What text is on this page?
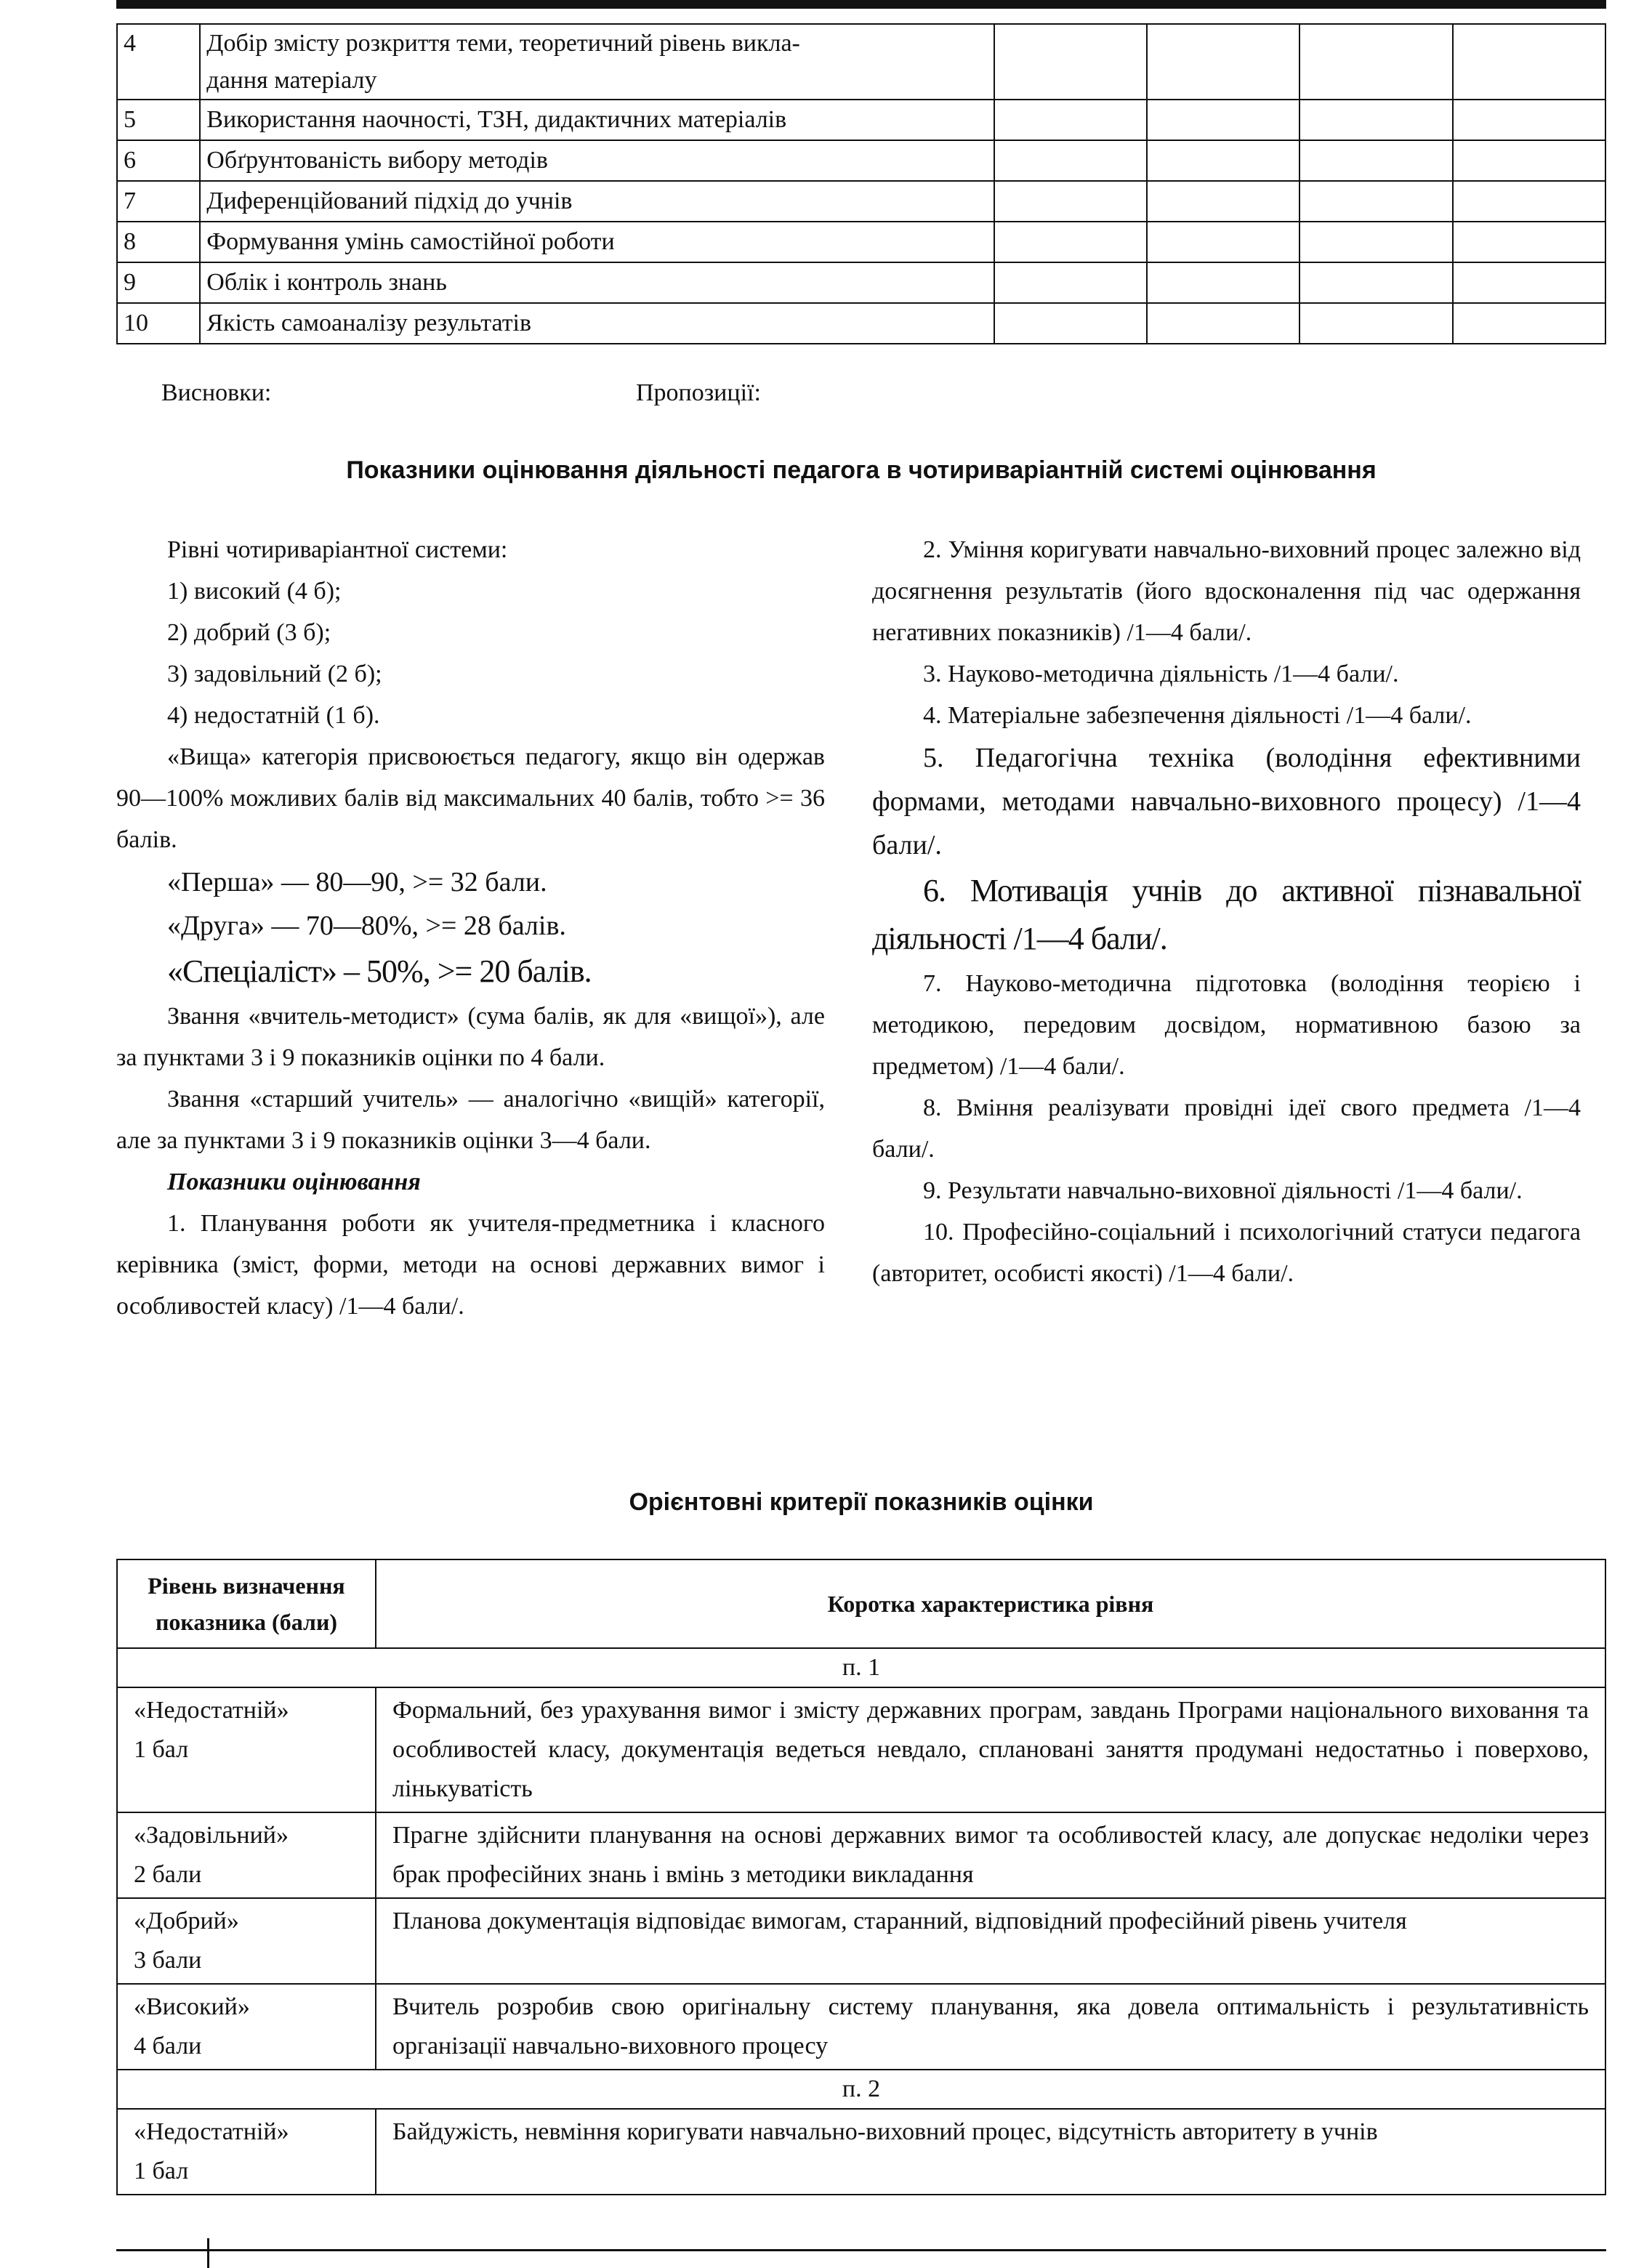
4	Добір змісту розкриття теми, теоретичний рівень викла-
дання матеріалу				
5	Використання наочності, ТЗН, дидактичних матеріалів				
6	Обґрунтованість вибору методів				
7	Диференційований підхід до учнів				
8	Формування умінь самостійної роботи				
9	Облік і контроль знань				
10	Якість самоаналізу результатів				
Висновки:	Пропозиції:
Показники оцінювання діяльності педагога в чотириваріантній системі оцінювання

Рівні чотириваріантної системи:

1) високий (4 б);

2) добрий (3 б);

3) задовільний (2 б);

4) недостатній (1 б).

«Вища» категорія присвоюється педагогу, якщо він одержав 90—100% можливих балів від максимальних 40 балів, тобто >= 36 балів.

«Перша» — 80—90, >= 32 бали.

«Друга» — 70—80%, >= 28 балів.

«Спеціаліст» – 50%, >= 20 балів.

Звання «вчитель-методист» (сума балів, як для «вищої»), але за пунктами 3 і 9 показників оцінки по 4 бали.

Звання «старший учитель» — аналогічно «вищій» категорії, але за пунктами 3 і 9 показників оцінки 3—4 бали.

Показники оцінювання

1. Планування роботи як учителя-предметника і класного керівника (зміст, форми, методи на основі державних вимог і особливостей класу) /1—4 бали/.

2. Уміння коригувати навчально-виховний процес залежно від досягнення результатів (його вдосконалення під час одержання негативних показників) /1—4 бали/.

3. Науково-методична діяльність /1—4 бали/.

4. Матеріальне забезпечення діяльності /1—4 бали/.

5. Педагогічна техніка (володіння ефективними формами, методами навчально-виховного процесу) /1—4 бали/.

6. Мотивація учнів до активної пізнавальної діяльності /1—4 бали/.

7. Науково-методична підготовка (володіння теорією і методикою, передовим досвідом, нормативною базою за предметом) /1—4 бали/.

8. Вміння реалізувати провідні ідеї свого предмета /1—4 бали/.

9. Результати навчально-виховної діяльності /1—4 бали/.

10. Професійно-соціальний і психологічний статуси педагога (авторитет, особисті якості) /1—4 бали/.

Орієнтовні критерії показників оцінки
Рівень визначення показника (бали)	Коротка характеристика рівня
п. 1	
«Недостатній»
1 бал	Формальний, без урахування вимог і змісту державних програм, завдань Програми національного виховання та особливостей класу, документація ведеться невдало, сплановані заняття продумані недостатньо і поверхово, лінькуватість
«Задовільний»
2 бали	Прагне здійснити планування на основі державних вимог та особливостей класу, але допускає недоліки через брак професійних знань і вмінь з методики викладання
«Добрий»
3 бали	Планова документація відповідає вимогам, старанний, відповідний професійний рівень учителя
«Високий»
4 бали	Вчитель розробив свою оригінальну систему планування, яка довела оптимальність і результативність організації навчально-виховного процесу
п. 2	
«Недостатній»
1 бал	Байдужість, невміння коригувати навчально-виховний процес, відсутність авторитету в учнів
